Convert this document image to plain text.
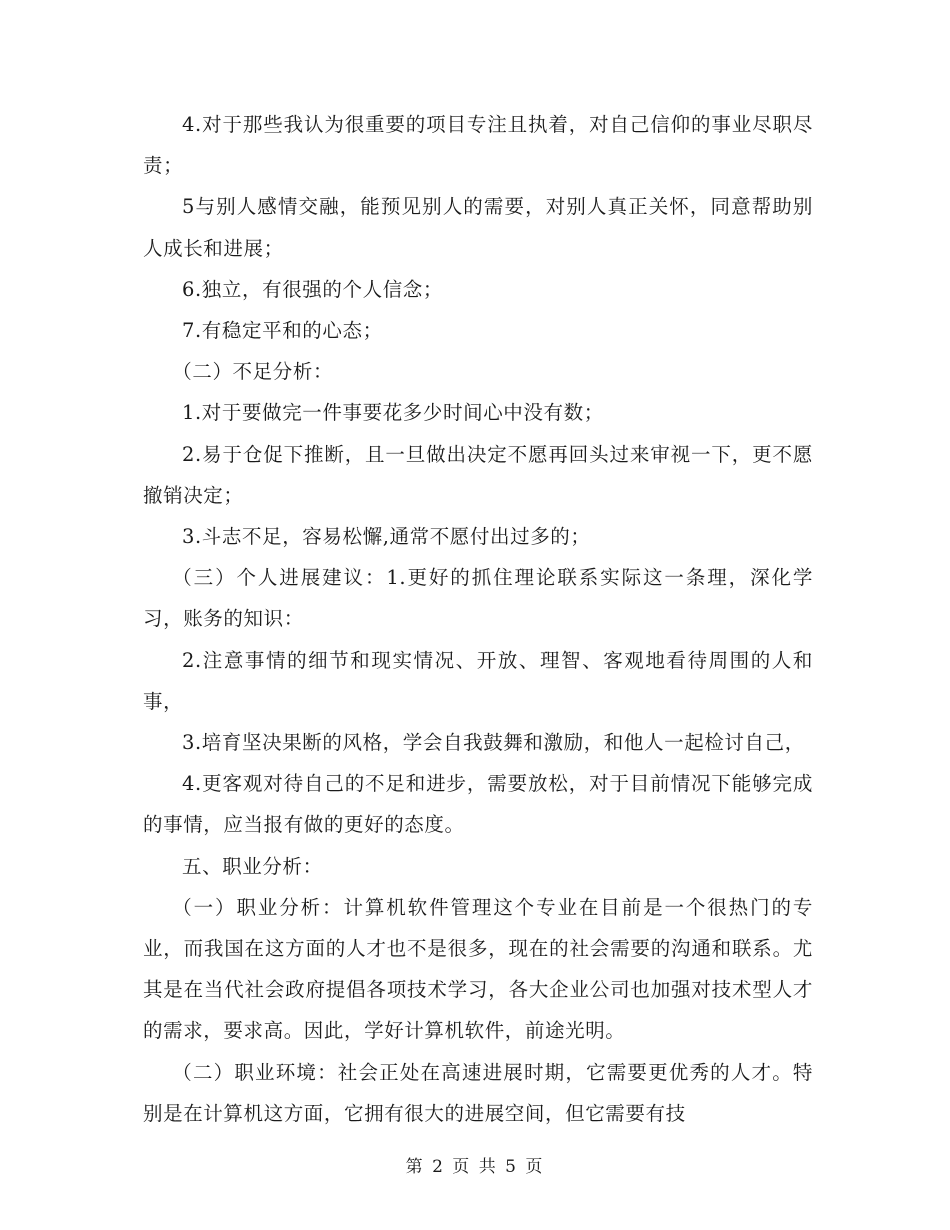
4.对于那些我认为很重要的项目专注且执着，对自己信仰的事业尽职尽责；

5与别人感情交融，能预见别人的需要，对别人真正关怀，同意帮助别人成长和进展；

6.独立，有很强的个人信念；

7.有稳定平和的心态；

（二）不足分析：

1.对于要做完一件事要花多少时间心中没有数；

2.易于仓促下推断，且一旦做出决定不愿再回头过来审视一下，更不愿撤销决定；

3.斗志不足，容易松懈,通常不愿付出过多的；

（三）个人进展建议：1.更好的抓住理论联系实际这一条理，深化学习，账务的知识：

2.注意事情的细节和现实情况、开放、理智、客观地看待周围的人和事，

3.培育坚决果断的风格，学会自我鼓舞和激励，和他人一起检讨自己，

4.更客观对待自己的不足和进步，需要放松，对于目前情况下能够完成的事情，应当报有做的更好的态度。

五、职业分析：

（一）职业分析：计算机软件管理这个专业在目前是一个很热门的专业，而我国在这方面的人才也不是很多，现在的社会需要的沟通和联系。尤其是在当代社会政府提倡各项技术学习，各大企业公司也加强对技术型人才的需求，要求高。因此，学好计算机软件，前途光明。

（二）职业环境：社会正处在高速进展时期，它需要更优秀的人才。特别是在计算机这方面，它拥有很大的进展空间，但它需要有技

第 2 页 共 5 页
